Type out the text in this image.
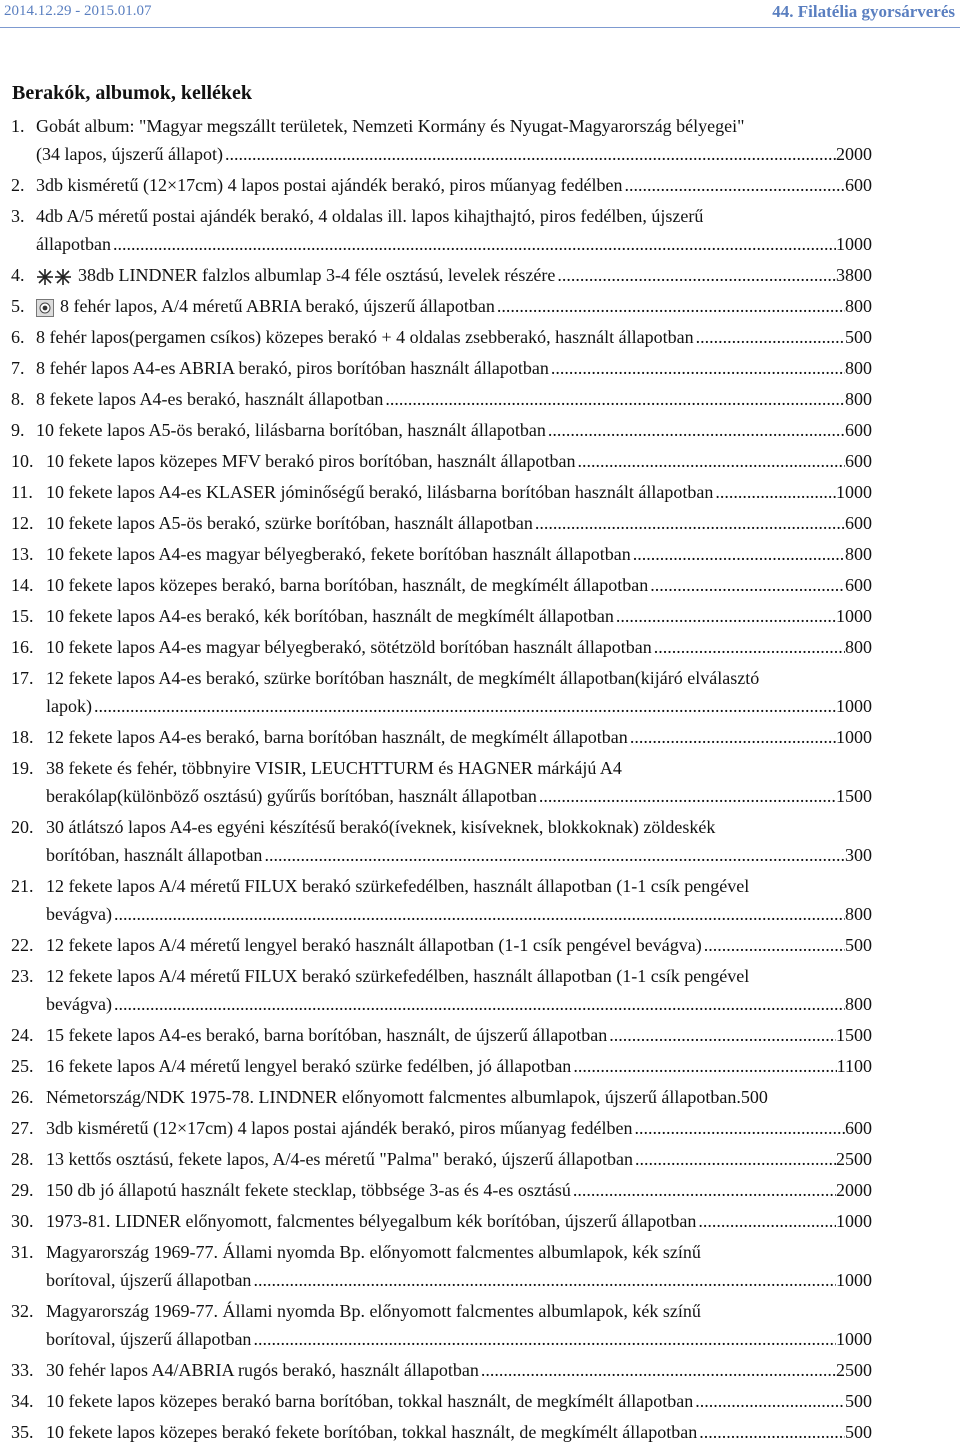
2014.12.29 - 2015.01.07	44. Filatélia gyorsárverés
Berakók, albumok, kellékek
1. Gobát album: "Magyar megszállt területek, Nemzeti Kormány és Nyugat-Magyarország bélyegei"
(34 lapos, újszerű állapot) .....	2000
2. 3db kisméretű (12×17cm) 4 lapos postai ajándék berakó, piros műanyag fedélben .....	600
3. 4db A/5 méretű postai ajándék berakó, 4 oldalas ill. lapos kihajthajtó, piros fedélben, újszerű
állapotban .....	1000
4.	38db LINDNER falzlos albumlap 3-4 féle osztású, levelek részére .....	3800
5.	8 fehér lapos, A/4 méretű ABRIA berakó, újszerű állapotban .....	800
6. 8 fehér lapos(pergamen csíkos) közepes berakó + 4 oldalas zsebberakó, használt állapotban .....	500
7. 8 fehér lapos A4-es ABRIA berakó, piros borítóban használt állapotban .....	800
8. 8 fekete lapos A4-es berakó, használt állapotban .....	800
9. 10 fekete lapos A5-ös berakó, lilásbarna borítóban, használt állapotban .....	600
10. 10 fekete lapos közepes MFV berakó piros borítóban, használt állapotban .....	600
11. 10 fekete lapos A4-es KLASER jóminőségű berakó, lilásbarna borítóban használt állapotban .....	1000
12. 10 fekete lapos A5-ös berakó, szürke borítóban, használt állapotban .....	600
13. 10 fekete lapos A4-es magyar bélyegberakó, fekete borítóban használt állapotban .....	800
14. 10 fekete lapos közepes berakó, barna borítóban, használt, de megkímélt állapotban .....	600
15. 10 fekete lapos A4-es berakó, kék borítóban, használt de megkímélt állapotban .....	1000
16. 10 fekete lapos A4-es magyar bélyegberakó, sötétzöld borítóban használt állapotban .....	800
17. 12 fekete lapos A4-es berakó, szürke borítóban használt, de megkímélt állapotban(kijáró elválasztó
lapok) .....	1000
18. 12 fekete lapos A4-es berakó, barna borítóban használt, de megkímélt állapotban .....	1000
19. 38 fekete és fehér, többnyire VISIR, LEUCHTTURM és HAGNER márkájú A4
berakólap(különböző osztású) gyűrűs borítóban, használt állapotban .....	1500
20. 30 átlátszó lapos A4-es egyéni készítésű berakó(íveknek, kisíveknek, blokkoknak) zöldeskék
borítóban, használt állapotban .....	300
21. 12 fekete lapos A/4 méretű FILUX berakó szürkefedélben, használt állapotban (1-1 csík pengével
bevágva) .....	800
22. 12 fekete lapos A/4 méretű lengyel berakó használt állapotban (1-1 csík pengével bevágva) .....	500
23. 12 fekete lapos A/4 méretű FILUX berakó szürkefedélben, használt állapotban (1-1 csík pengével
bevágva) .....	800
24. 15 fekete lapos A4-es berakó, barna borítóban, használt, de újszerű állapotban .....	1500
25. 16 fekete lapos A/4 méretű lengyel berakó szürke fedélben, jó állapotban .....	1100
26. Németország/NDK 1975-78. LINDNER előnyomott falcmentes albumlapok, újszerű állapotban . 500
27. 3db kisméretű (12×17cm) 4 lapos postai ajándék berakó, piros műanyag fedélben .....	600
28. 13 kettős osztású, fekete lapos, A/4-es méretű "Palma" berakó, újszerű állapotban .....	2500
29. 150 db jó állapotú használt fekete stecklap, többsége 3-as és 4-es osztású .....	2000
30. 1973-81. LIDNER előnyomott, falcmentes bélyegalbum kék borítóban, újszerű állapotban .....	1000
31. Magyarország 1969-77. Állami nyomda Bp. előnyomott falcmentes albumlapok, kék színű
borítoval, újszerű állapotban .....	1000
32. Magyarország 1969-77. Állami nyomda Bp. előnyomott falcmentes albumlapok, kék színű
borítoval, újszerű állapotban .....	1000
33. 30 fehér lapos A4/ABRIA rugós berakó, használt állapotban .....	2500
34. 10 fekete lapos közepes berakó barna borítóban, tokkal használt, de megkímélt állapotban .....	500
35. 10 fekete lapos közepes berakó fekete borítóban, tokkal használt, de megkímélt állapotban .....	500
